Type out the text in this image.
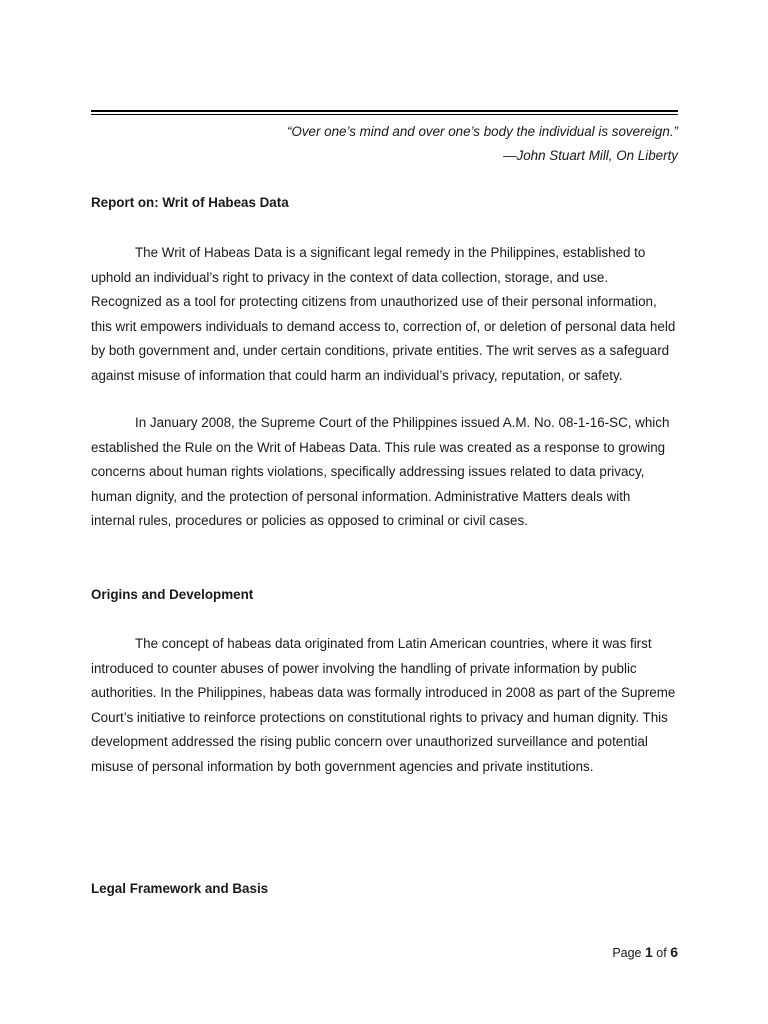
“Over one’s mind and over one’s body the individual is sovereign.”
—John Stuart Mill, On Liberty
Report on: Writ of Habeas Data

The Writ of Habeas Data is a significant legal remedy in the Philippines, established to uphold an individual’s right to privacy in the context of data collection, storage, and use. Recognized as a tool for protecting citizens from unauthorized use of their personal information, this writ empowers individuals to demand access to, correction of, or deletion of personal data held by both government and, under certain conditions, private entities. The writ serves as a safeguard against misuse of information that could harm an individual’s privacy, reputation, or safety.

In January 2008, the Supreme Court of the Philippines issued A.M. No. 08-1-16-SC, which established the Rule on the Writ of Habeas Data. This rule was created as a response to growing concerns about human rights violations, specifically addressing issues related to data privacy, human dignity, and the protection of personal information. Administrative Matters deals with internal rules, procedures or policies as opposed to criminal or civil cases.

Origins and Development

The concept of habeas data originated from Latin American countries, where it was first introduced to counter abuses of power involving the handling of private information by public authorities. In the Philippines, habeas data was formally introduced in 2008 as part of the Supreme Court’s initiative to reinforce protections on constitutional rights to privacy and human dignity. This development addressed the rising public concern over unauthorized surveillance and potential misuse of personal information by both government agencies and private institutions.

Legal Framework and Basis
Page 1 of 6
